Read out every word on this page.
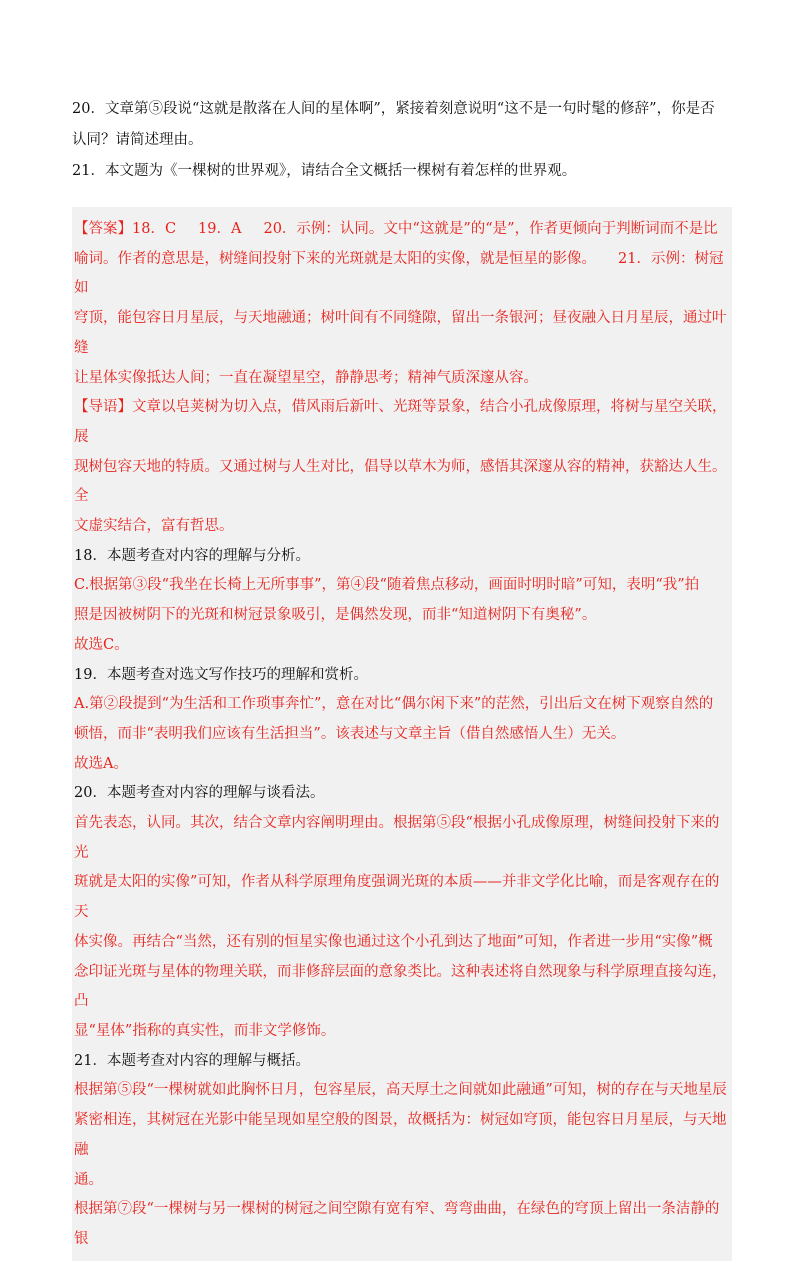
20．文章第⑤段说“这就是散落在人间的星体啊”，紧接着刻意说明“这不是一句时髦的修辞”，你是否

认同？请简述理由。

21．本文题为《一棵树的世界观》，请结合全文概括一棵树有着怎样的世界观。

【答案】18．C 19．A 20．示例：认同。文中“这就是”的“是”，作者更倾向于判断词而不是比

喻词。作者的意思是，树缝间投射下来的光斑就是太阳的实像，就是恒星的影像。 21．示例：树冠如

穹顶，能包容日月星辰，与天地融通；树叶间有不同缝隙，留出一条银河；昼夜融入日月星辰，通过叶缝

让星体实像抵达人间；一直在凝望星空，静静思考；精神气质深邃从容。

【导语】文章以皂荚树为切入点，借风雨后新叶、光斑等景象，结合小孔成像原理，将树与星空关联，展

现树包容天地的特质。又通过树与人生对比，倡导以草木为师，感悟其深邃从容的精神，获豁达人生。全

文虚实结合，富有哲思。

18．本题考查对内容的理解与分析。

C.根据第③段“我坐在长椅上无所事事”，第④段“随着焦点移动，画面时明时暗”可知，表明“我”拍

照是因被树阴下的光斑和树冠景象吸引，是偶然发现，而非“知道树阴下有奥秘”。

故选C。

19．本题考查对选文写作技巧的理解和赏析。

A.第②段提到“为生活和工作琐事奔忙”，意在对比“偶尔闲下来”的茫然，引出后文在树下观察自然的

顿悟，而非“表明我们应该有生活担当”。该表述与文章主旨（借自然感悟人生）无关。

故选A。

20．本题考查对内容的理解与谈看法。

首先表态，认同。其次，结合文章内容阐明理由。根据第⑤段“根据小孔成像原理，树缝间投射下来的光

斑就是太阳的实像”可知，作者从科学原理角度强调光斑的本质——并非文学化比喻，而是客观存在的天

体实像。再结合“当然，还有别的恒星实像也通过这个小孔到达了地面”可知，作者进一步用“实像”概

念印证光斑与星体的物理关联，而非修辞层面的意象类比。这种表述将自然现象与科学原理直接勾连，凸

显“星体”指称的真实性，而非文学修饰。

21．本题考查对内容的理解与概括。

根据第⑤段“一棵树就如此胸怀日月，包容星辰，高天厚土之间就如此融通”可知，树的存在与天地星辰

紧密相连，其树冠在光影中能呈现如星空般的图景，故概括为：树冠如穹顶，能包容日月星辰，与天地融

通。

根据第⑦段“一棵树与另一棵树的树冠之间空隙有宽有窄、弯弯曲曲，在绿色的穹顶上留出一条洁静的银
